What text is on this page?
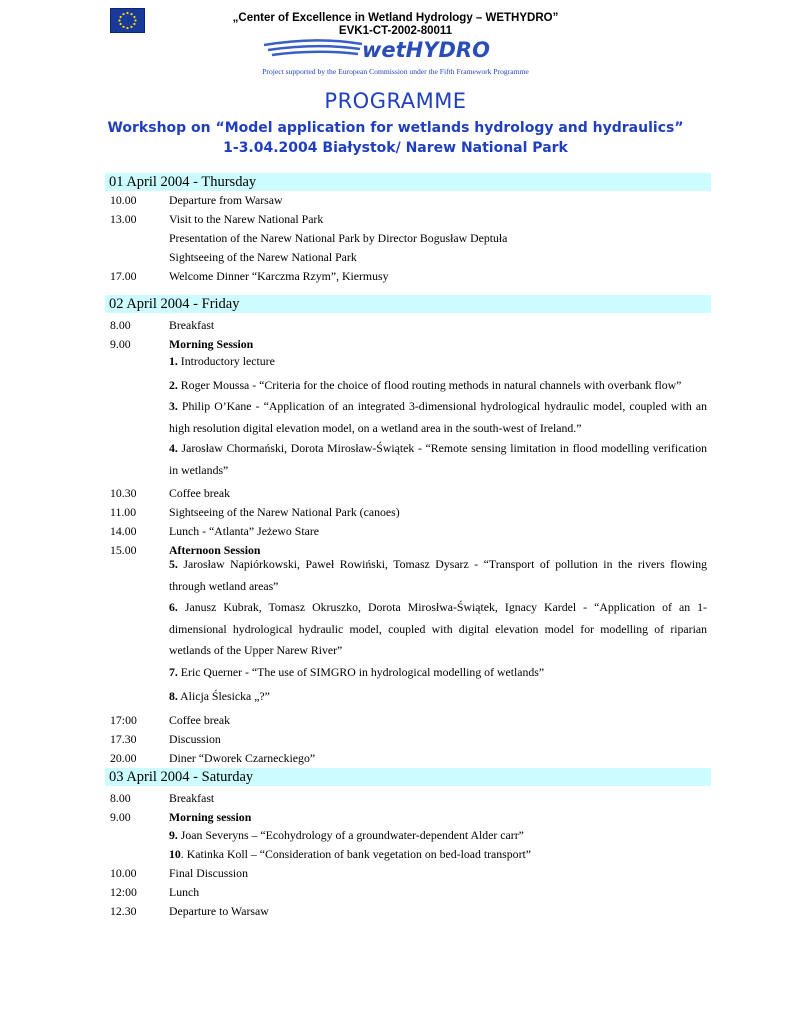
„Center of Excellence in Wetland Hydrology – WETHYDRO”
EVK1-CT-2002-80011
wetHYDRO
Project supported by the European Commission under the Fifth Framework Programme
PROGRAMME
Workshop on “Model application for wetlands hydrology and hydraulics”
1-3.04.2004 Białystok/ Narew National Park
01 April 2004 - Thursday
10.00	Departure from Warsaw
13.00	Visit to the Narew National Park
Presentation of the Narew National Park by Director Bogusław Deptuła
Sightseeing of the Narew National Park
17.00	Welcome Dinner “Karczma Rzym”, Kiermusy
02 April 2004 - Friday
8.00	Breakfast
9.00	Morning Session
1. Introductory lecture
2. Roger Moussa - “Criteria for the choice of flood routing methods in natural channels with overbank flow”
3. Philip O’Kane - “Application of an integrated 3-dimensional hydrological hydraulic model, coupled with an high resolution digital elevation model, on a wetland area in the south-west of Ireland.”
4. Jarosław Chormański, Dorota Mirosław-Świątek - “Remote sensing limitation in flood modelling verification in wetlands”
10.30	Coffee break
11.00	Sightseeing of the Narew National Park (canoes)
14.00	Lunch - “Atlanta” Jeżewo Stare
15.00	Afternoon Session
5. Jarosław Napiórkowski, Paweł Rowiński, Tomasz Dysarz - “Transport of pollution in the rivers flowing through wetland areas”
6. Janusz Kubrak, Tomasz Okruszko, Dorota Mirosłwa-Świątek, Ignacy Kardel - “Application of an 1-dimensional hydrological hydraulic model, coupled with digital elevation model for modelling of riparian wetlands of the Upper Narew River”
7. Eric Querner - “The use of SIMGRO in hydrological modelling of wetlands”
8. Alicja Ślesicka „?”
17:00	Coffee break
17.30	Discussion
20.00	Diner “Dworek Czarneckiego”
03 April 2004 - Saturday
8.00	Breakfast
9.00	Morning session
9. Joan Severyns – “Ecohydrology of a groundwater-dependent Alder carr”
10. Katinka Koll – “Consideration of bank vegetation on bed-load transport”
10.00	Final Discussion
12:00	Lunch
12.30	Departure to Warsaw
